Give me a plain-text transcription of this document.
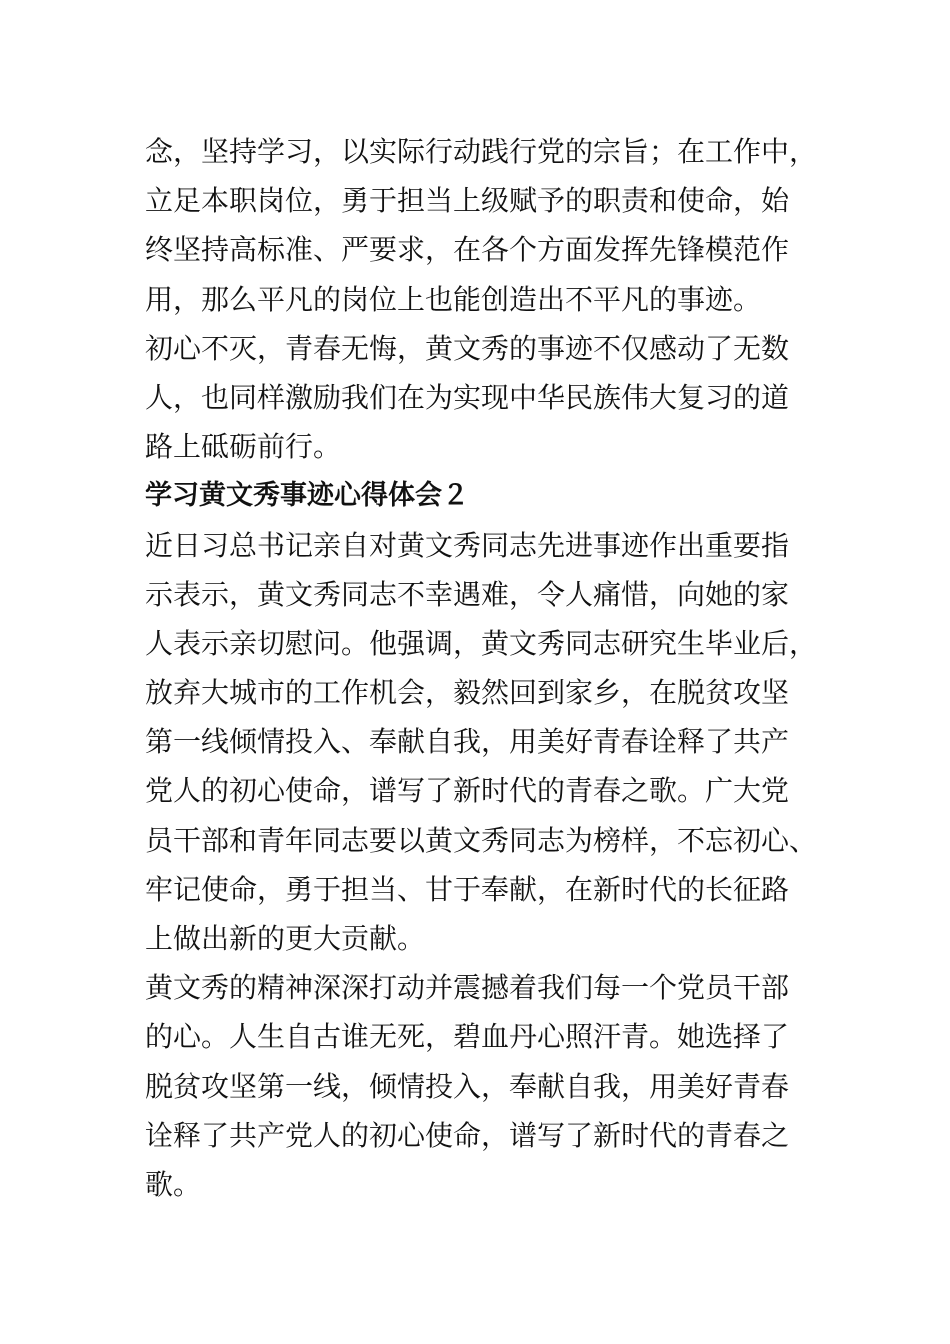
念，坚持学习，以实际行动践行党的宗旨；在工作中，
立足本职岗位，勇于担当上级赋予的职责和使命，始
终坚持高标准、严要求，在各个方面发挥先锋模范作
用，那么平凡的岗位上也能创造出不平凡的事迹。
初心不灭，青春无悔，黄文秀的事迹不仅感动了无数
人，也同样激励我们在为实现中华民族伟大复习的道
路上砥砺前行。
学习黄文秀事迹心得体会２
近日习总书记亲自对黄文秀同志先进事迹作出重要指
示表示，黄文秀同志不幸遇难，令人痛惜，向她的家
人表示亲切慰问。他强调，黄文秀同志研究生毕业后，
放弃大城市的工作机会，毅然回到家乡，在脱贫攻坚
第一线倾情投入、奉献自我，用美好青春诠释了共产
党人的初心使命，谱写了新时代的青春之歌。广大党
员干部和青年同志要以黄文秀同志为榜样，不忘初心、
牢记使命，勇于担当、甘于奉献，在新时代的长征路
上做出新的更大贡献。
黄文秀的精神深深打动并震撼着我们每一个党员干部
的心。人生自古谁无死，碧血丹心照汗青。她选择了
脱贫攻坚第一线，倾情投入，奉献自我，用美好青春
诠释了共产党人的初心使命，谱写了新时代的青春之
歌。
